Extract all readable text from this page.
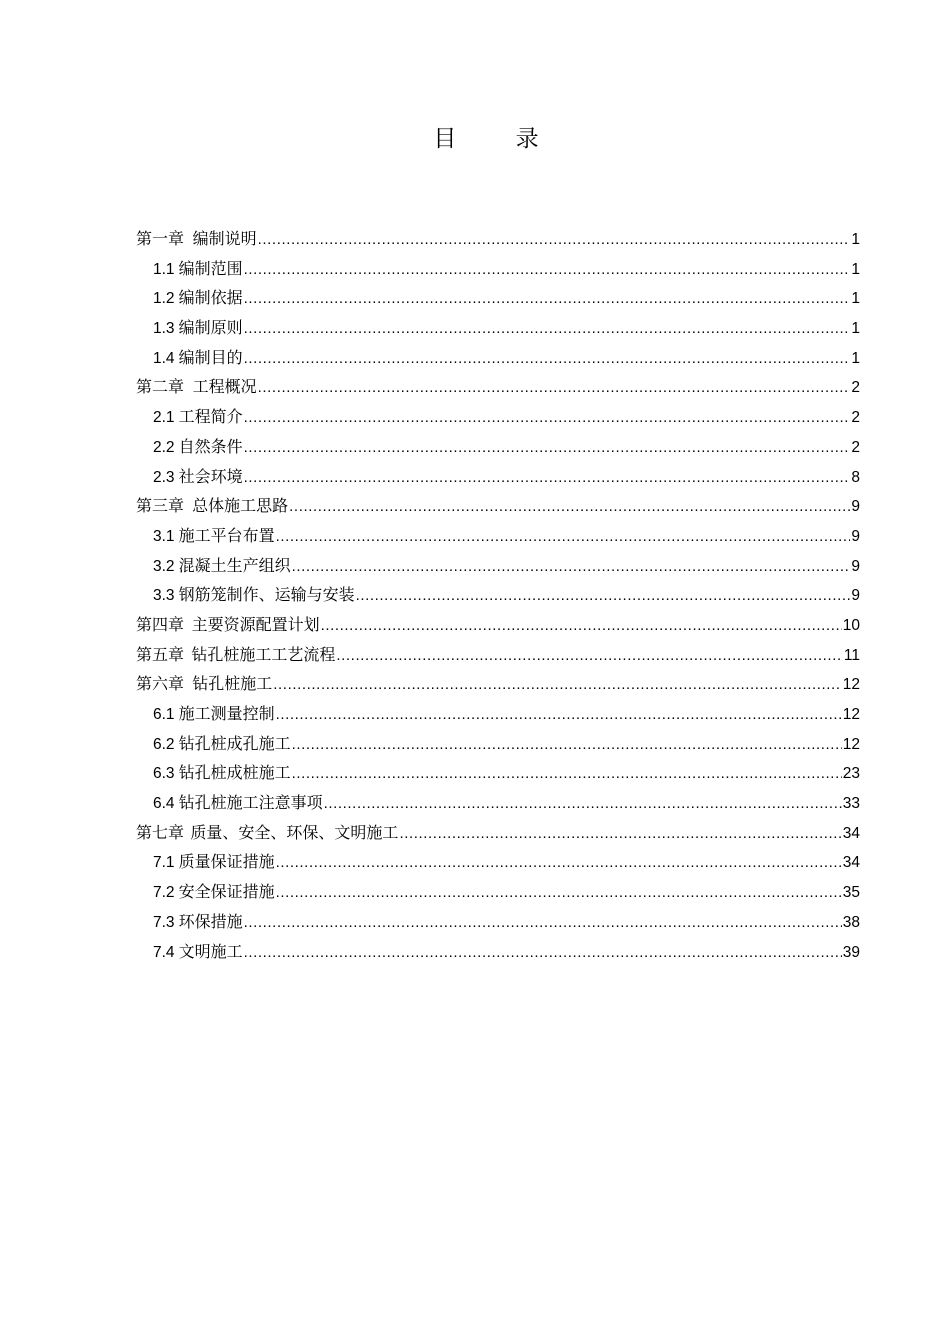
目 录
第一章 编制说明 .....	1
1.1 编制范围 .....	1
1.2 编制依据 .....	1
1.3 编制原则 .....	1
1.4 编制目的 .....	1
第二章 工程概况 .....	2
2.1 工程简介 .....	2
2.2 自然条件 .....	2
2.3 社会环境 .....	8
第三章 总体施工思路 .....	9
3.1 施工平台布置 .....	9
3.2 混凝土生产组织 .....	9
3.3 钢筋笼制作、运输与安装 .....	9
第四章 主要资源配置计划 .....	10
第五章 钻孔桩施工工艺流程 .....	11
第六章 钻孔桩施工 .....	12
6.1 施工测量控制 .....	12
6.2 钻孔桩成孔施工 .....	12
6.3 钻孔桩成桩施工 .....	23
6.4 钻孔桩施工注意事项 .....	33
第七章 质量、安全、环保、文明施工 .....	34
7.1 质量保证措施 .....	34
7.2 安全保证措施 .....	35
7.3 环保措施 .....	38
7.4 文明施工 .....	39
